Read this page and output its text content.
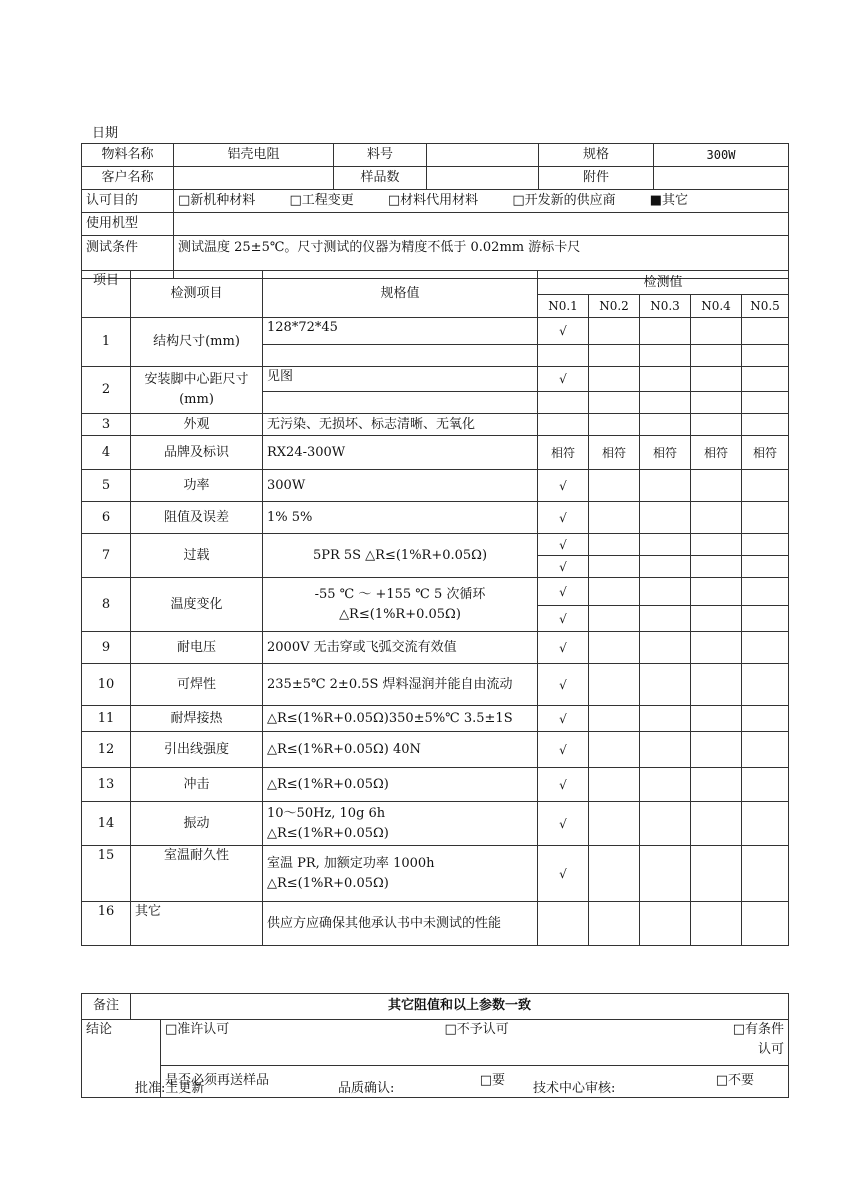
日期
物料名称	铝壳电阻	料号		规格	300W
客户名称		样品数		附件	
认可目的	□新机种材料 □工程变更 □材料代用材料 □开发新的供应商 ■其它				
使用机型					
测试条件	测试温度 25±5℃。尺寸测试的仪器为精度不低于 0.02mm 游标卡尺				
项目	检测项目	规格值	检测值				
			N0.1	N0.2	N0.3	N0.4	N0.5
1	结构尺寸(mm)	128*72*45	√				

2	安装脚中心距尺寸(mm)	见图	√				

3	外观	无污染、无损坏、标志清晰、无氧化					
4	品牌及标识	RX24-300W	相符	相符	相符	相符	相符
5	功率	300W	√				
6	阻值及误差	1% 5%	√				
7	过载	5PR 5S △R≤(1%R+0.05Ω)	√				
			√				
8	温度变化	-55 ℃ ～ +155 ℃ 5 次循环
△R≤(1%R+0.05Ω)	√				
			√				
9	耐电压	2000V 无击穿或飞弧交流有效值	√				
10	可焊性	235±5℃ 2±0.5S 焊料湿润并能自由流动	√				
11	耐焊接热	△R≤(1%R+0.05Ω)350±5%℃ 3.5±1S	√				
12	引出线强度	△R≤(1%R+0.05Ω) 40N	√				
13	冲击	△R≤(1%R+0.05Ω)	√				
14	振动	10～50Hz, 10g 6h
△R≤(1%R+0.05Ω)	√				
15	室温耐久性	室温 PR, 加额定功率 1000h
△R≤(1%R+0.05Ω)	√				
16	其它	供应方应确保其他承认书中未测试的性能					

备注	其它阻值和以上参数一致	
结论		□准许认可 □不予认可 □有条件认可

		是否必须再送样品 □要 □不要
批准:王更新	品质确认:	技术中心审核:
